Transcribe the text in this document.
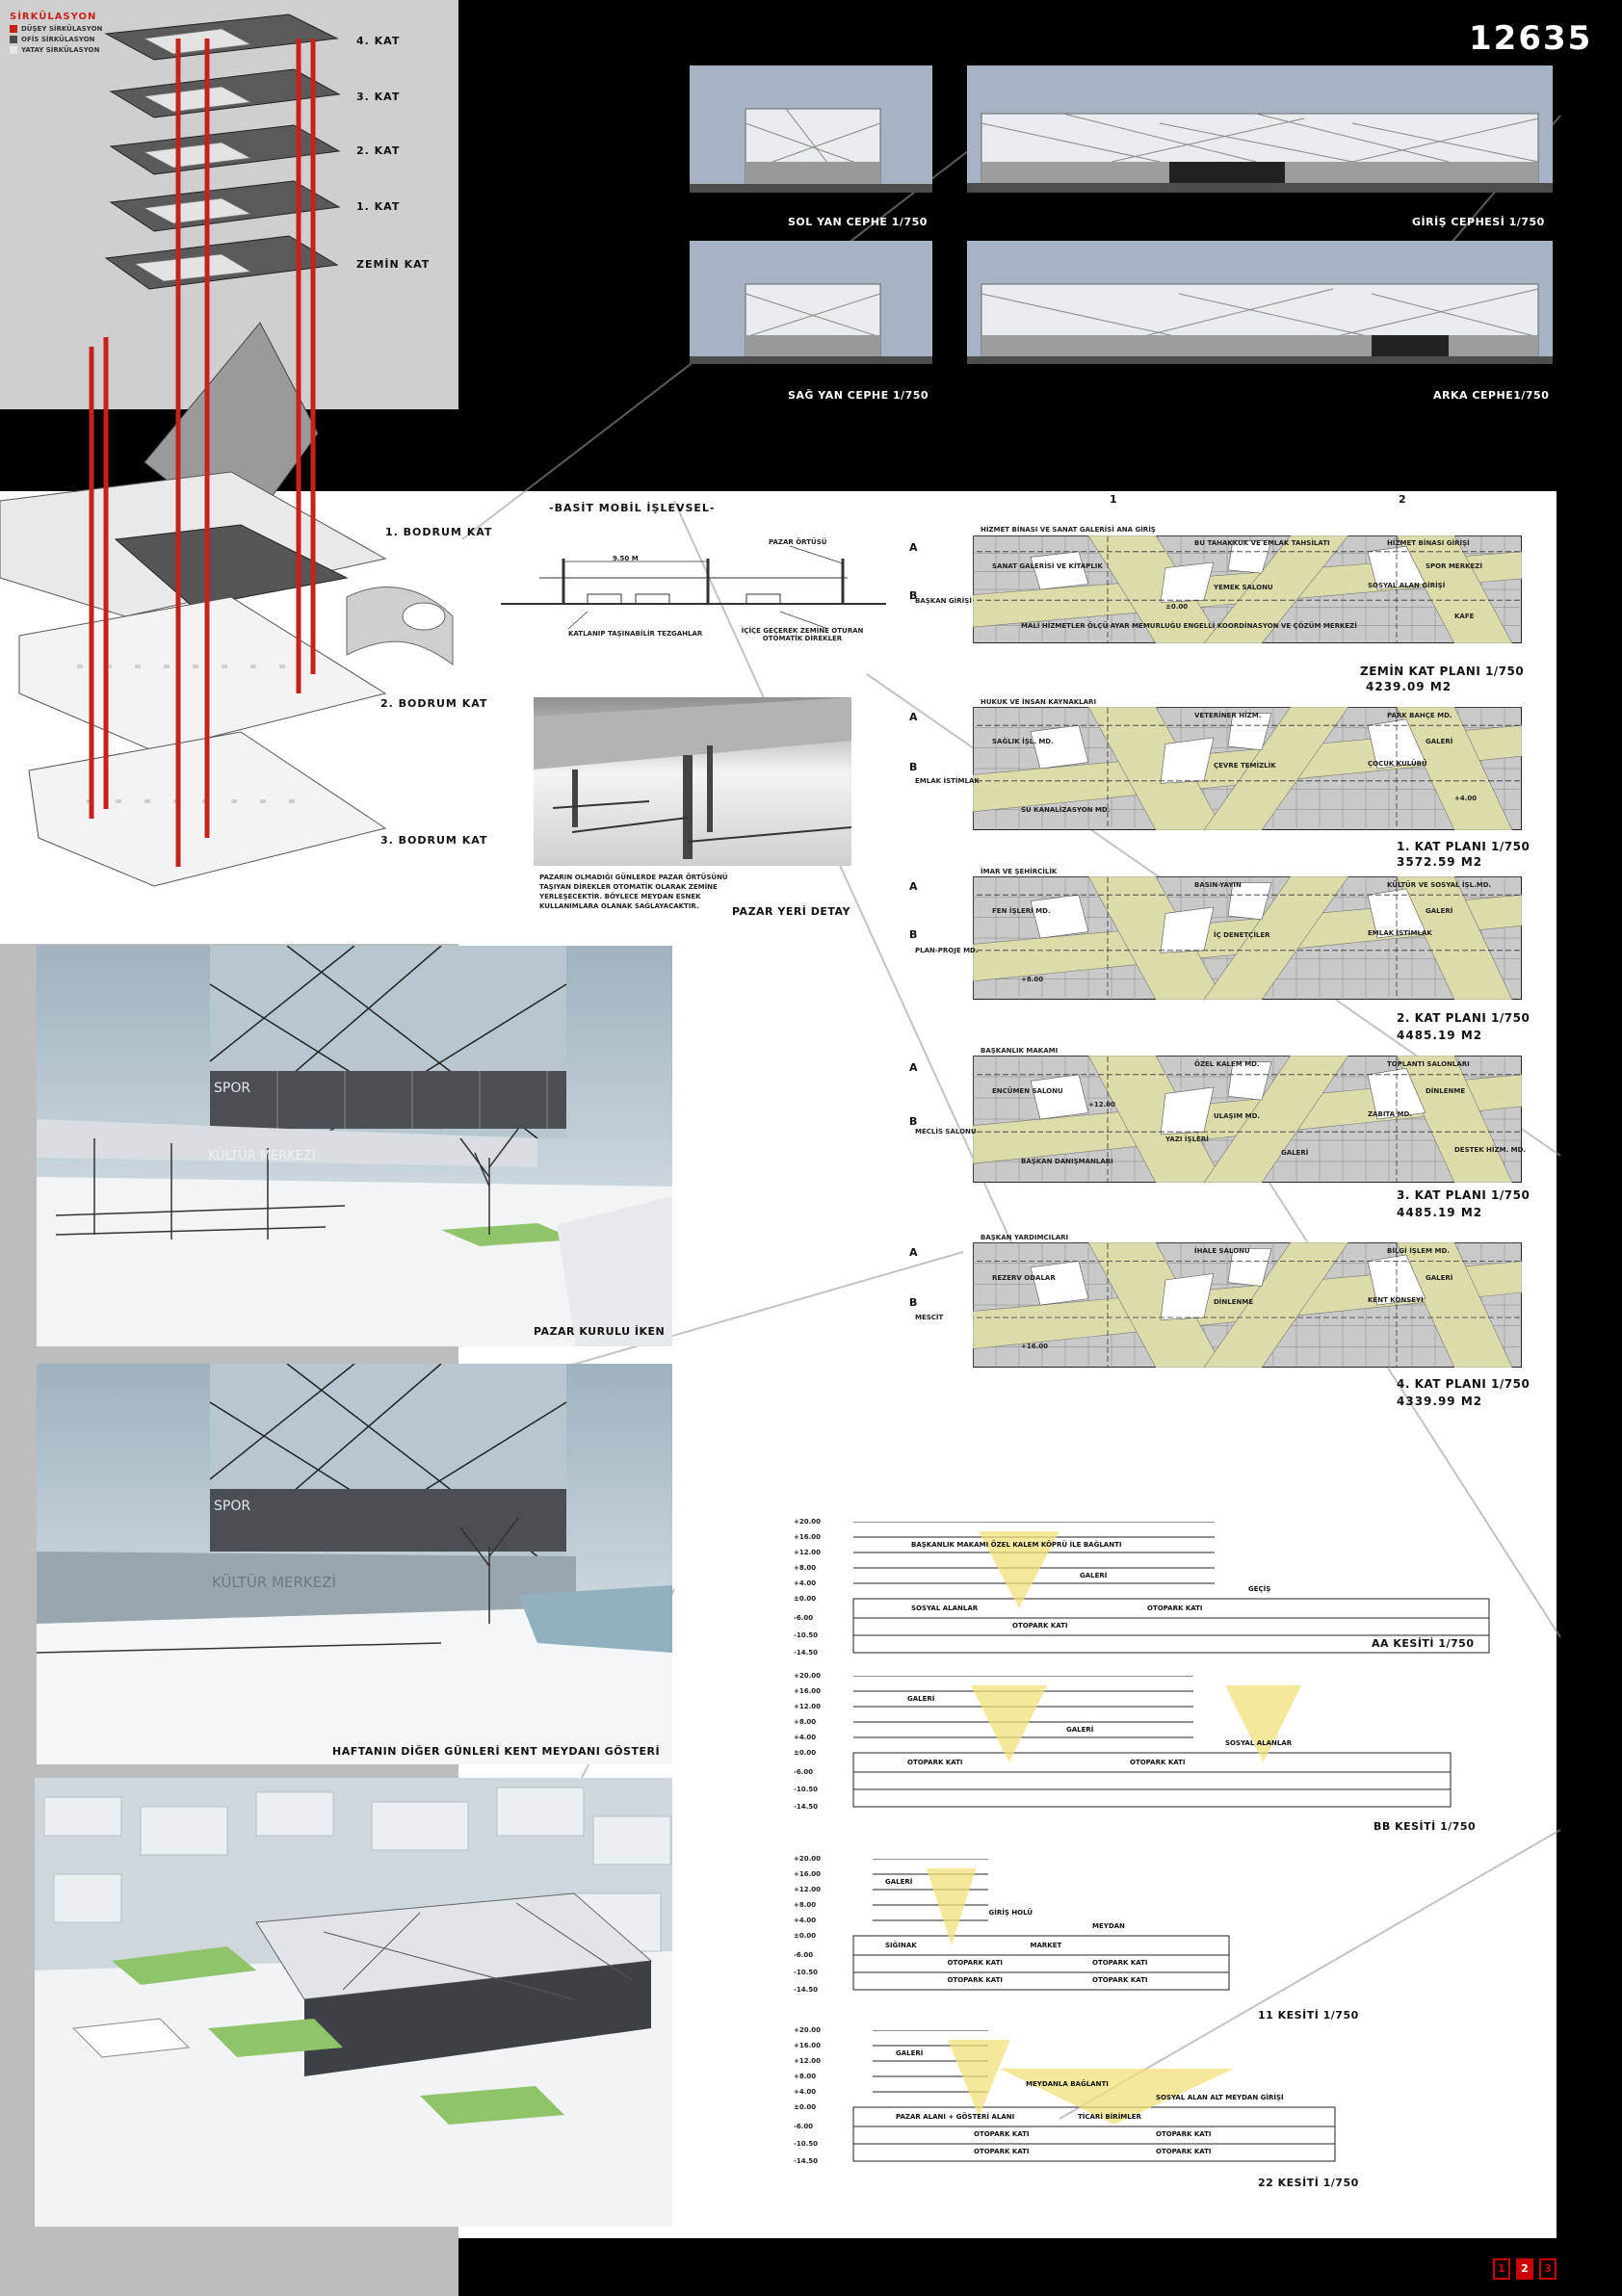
SİRKÜLASYON
DÜŞEY SİRKÜLASYON
OFİS SİRKÜLASYON
YATAY SİRKÜLASYON
4. KAT
3. KAT
2. KAT
1. KAT
ZEMİN KAT
1. BODRUM KAT
2. BODRUM KAT
3. BODRUM KAT
12635
SOL YAN CEPHE 1/750	GİRİŞ CEPHESİ 1/750
SAĞ YAN CEPHE 1/750	ARKA CEPHE1/750
-BASİT MOBİL İŞLEVSEL-
9.50 M
PAZAR ÖRTÜSÜ
KATLANIP TAŞINABİLİR TEZGAHLAR	İÇİÇE GEÇEREK ZEMİNE OTURAN OTOMATİK DİREKLER
PAZARIN OLMADIĞI GÜNLERDE PAZAR ÖRTÜSÜNÜ TAŞIYAN DİREKLER OTOMATİK OLARAK ZEMİNE YERLEŞECEKTİR. BÖYLECE MEYDAN ESNEK KULLANIMLARA OLANAK SAĞLAYACAKTIR.	PAZAR YERİ DETAY
SPOR
KÜLTÜR MERKEZİ
PAZAR KURULU İKEN
SPOR
KÜLTÜR MERKEZİ
HAFTANIN DİĞER GÜNLERİ KENT MEYDANI GÖSTERİ
HİZMET BİNASI VE SANAT GALERİSİ ANA GİRİŞ
BU TAHAKKUK VE EMLAK TAHSİLATI	HİZMET BİNASI GİRİŞİ
SANAT GALERİSİ VE KİTAPLIK	SPOR MERKEZİ
YEMEK SALONU	SOSYAL ALAN GİRİŞİ
BAŞKAN GİRİŞİ
MALİ HİZMETLER ÖLÇÜ AYAR MEMURLUĞU ENGELLİ KOORDİNASYON VE ÇÖZÜM MERKEZİ
KAFE
±0.00
HUKUK VE İNSAN KAYNAKLARI
VETERİNER HİZM.	PARK BAHÇE MD.
SAĞLIK İŞL. MD.	GALERİ
ÇEVRE TEMİZLİK	ÇOCUK KULÜBÜ
EMLAK İSTİMLAK
SU KANALİZASYON MD.
+4.00
İMAR VE ŞEHİRCİLİK
BASIN-YAYIN	KÜLTÜR VE SOSYAL İŞL.MD.
FEN İŞLERİ MD.	GALERİ
İÇ DENETÇİLER	EMLAK İSTİMLAK
PLAN-PROJE MD.
+8.00
BAŞKANLIK MAKAMI
ÖZEL KALEM MD.	TOPLANTI SALONLARI
ENCÜMEN SALONU	DİNLENME
ULAŞIM MD.	ZABITA MD.
MECLİS SALONU
BAŞKAN DANIŞMANLARI
DESTEK HİZM. MD.
YAZI İŞLERİ
GALERİ
+12.00
BAŞKAN YARDIMCILARI
İHALE SALONU	BİLGİ İŞLEM MD.
REZERV ODALAR	GALERİ
DİNLENME	KENT KONSEYİ
MESCİT
+16.00
A
B
1	2
A
B
A
B
A
B
A
B
ZEMİN KAT PLANI 1/750
4239.09 M2
1. KAT PLANI 1/750
3572.59 M2
2. KAT PLANI 1/750
4485.19 M2
3. KAT PLANI 1/750
4485.19 M2
4. KAT PLANI 1/750
4339.99 M2
+20.00
+16.00
+12.00
+8.00
+4.00
±0.00
-6.00
-10.50
-14.50
BAŞKANLIK MAKAMI ÖZEL KALEM KÖPRÜ İLE BAĞLANTI
GALERİ
GEÇİŞ
SOSYAL ALANLAR	OTOPARK KATI
OTOPARK KATI
AA KESİTİ 1/750
+20.00
+16.00
+12.00
+8.00
+4.00
±0.00
-6.00
-10.50
-14.50
GALERİ
GALERİ
SOSYAL ALANLAR
OTOPARK KATI	OTOPARK KATI
BB KESİTİ 1/750
+20.00
+16.00
+12.00
+8.00
+4.00
±0.00
-6.00
-10.50
-14.50
GALERİ
GİRİŞ HOLÜ
MEYDAN
SIĞINAK	MARKET
OTOPARK KATI	OTOPARK KATI
OTOPARK KATI	OTOPARK KATI
11 KESİTİ 1/750
+20.00
+16.00
+12.00
+8.00
+4.00
±0.00
-6.00
-10.50
-14.50
GALERİ
MEYDANLA BAĞLANTI
SOSYAL ALAN ALT MEYDAN GİRİŞİ
PAZAR ALANI + GÖSTERİ ALANI	TİCARİ BİRİMLER
OTOPARK KATI	OTOPARK KATI
OTOPARK KATI	OTOPARK KATI
22 KESİTİ 1/750
1	2	3
